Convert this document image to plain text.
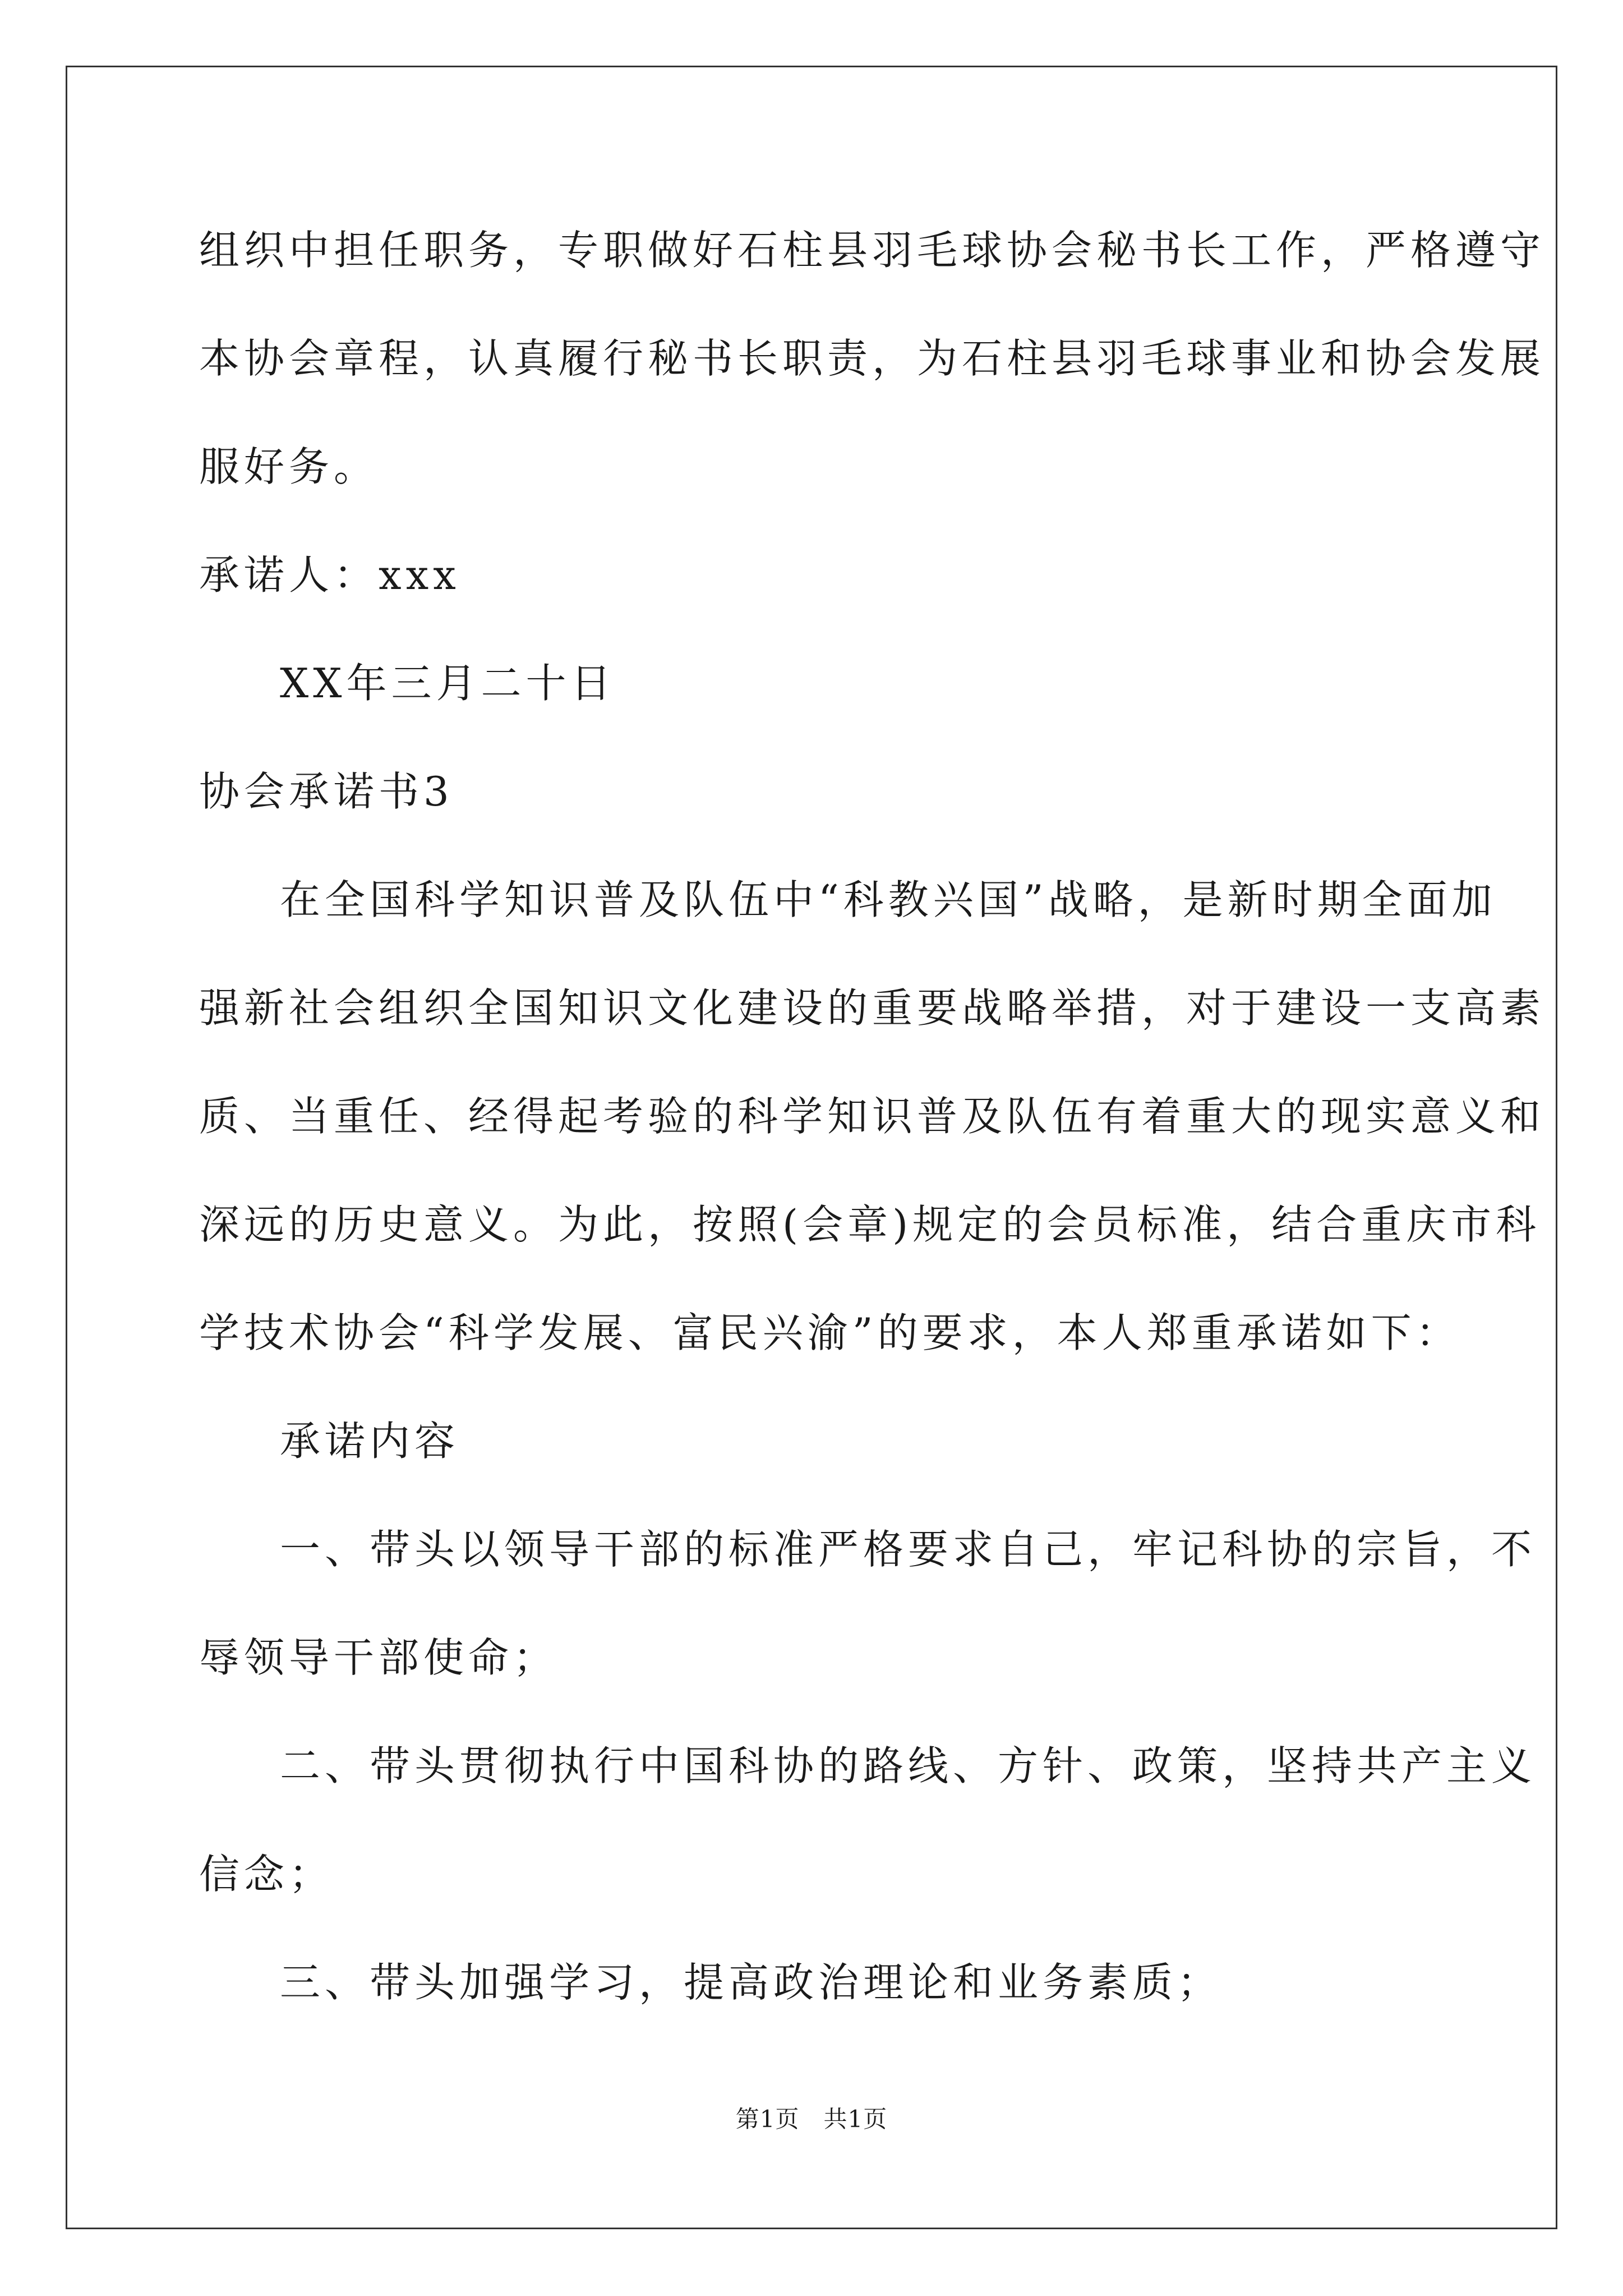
组织中担任职务，专职做好石柱县羽毛球协会秘书长工作，严格遵守
本协会章程，认真履行秘书长职责，为石柱县羽毛球事业和协会发展
服好务。
承诺人：xxx
XX年三月二十日
协会承诺书3
在全国科学知识普及队伍中“科教兴国”战略，是新时期全面加
强新社会组织全国知识文化建设的重要战略举措，对于建设一支高素
质、当重任、经得起考验的科学知识普及队伍有着重大的现实意义和
深远的历史意义。为此，按照(会章)规定的会员标准，结合重庆市科
学技术协会“科学发展、富民兴渝”的要求，本人郑重承诺如下：
承诺内容
一、带头以领导干部的标准严格要求自己，牢记科协的宗旨，不
辱领导干部使命；
二、带头贯彻执行中国科协的路线、方针、政策，坚持共产主义
信念；
三、带头加强学习，提高政治理论和业务素质；
第1页   共1页
